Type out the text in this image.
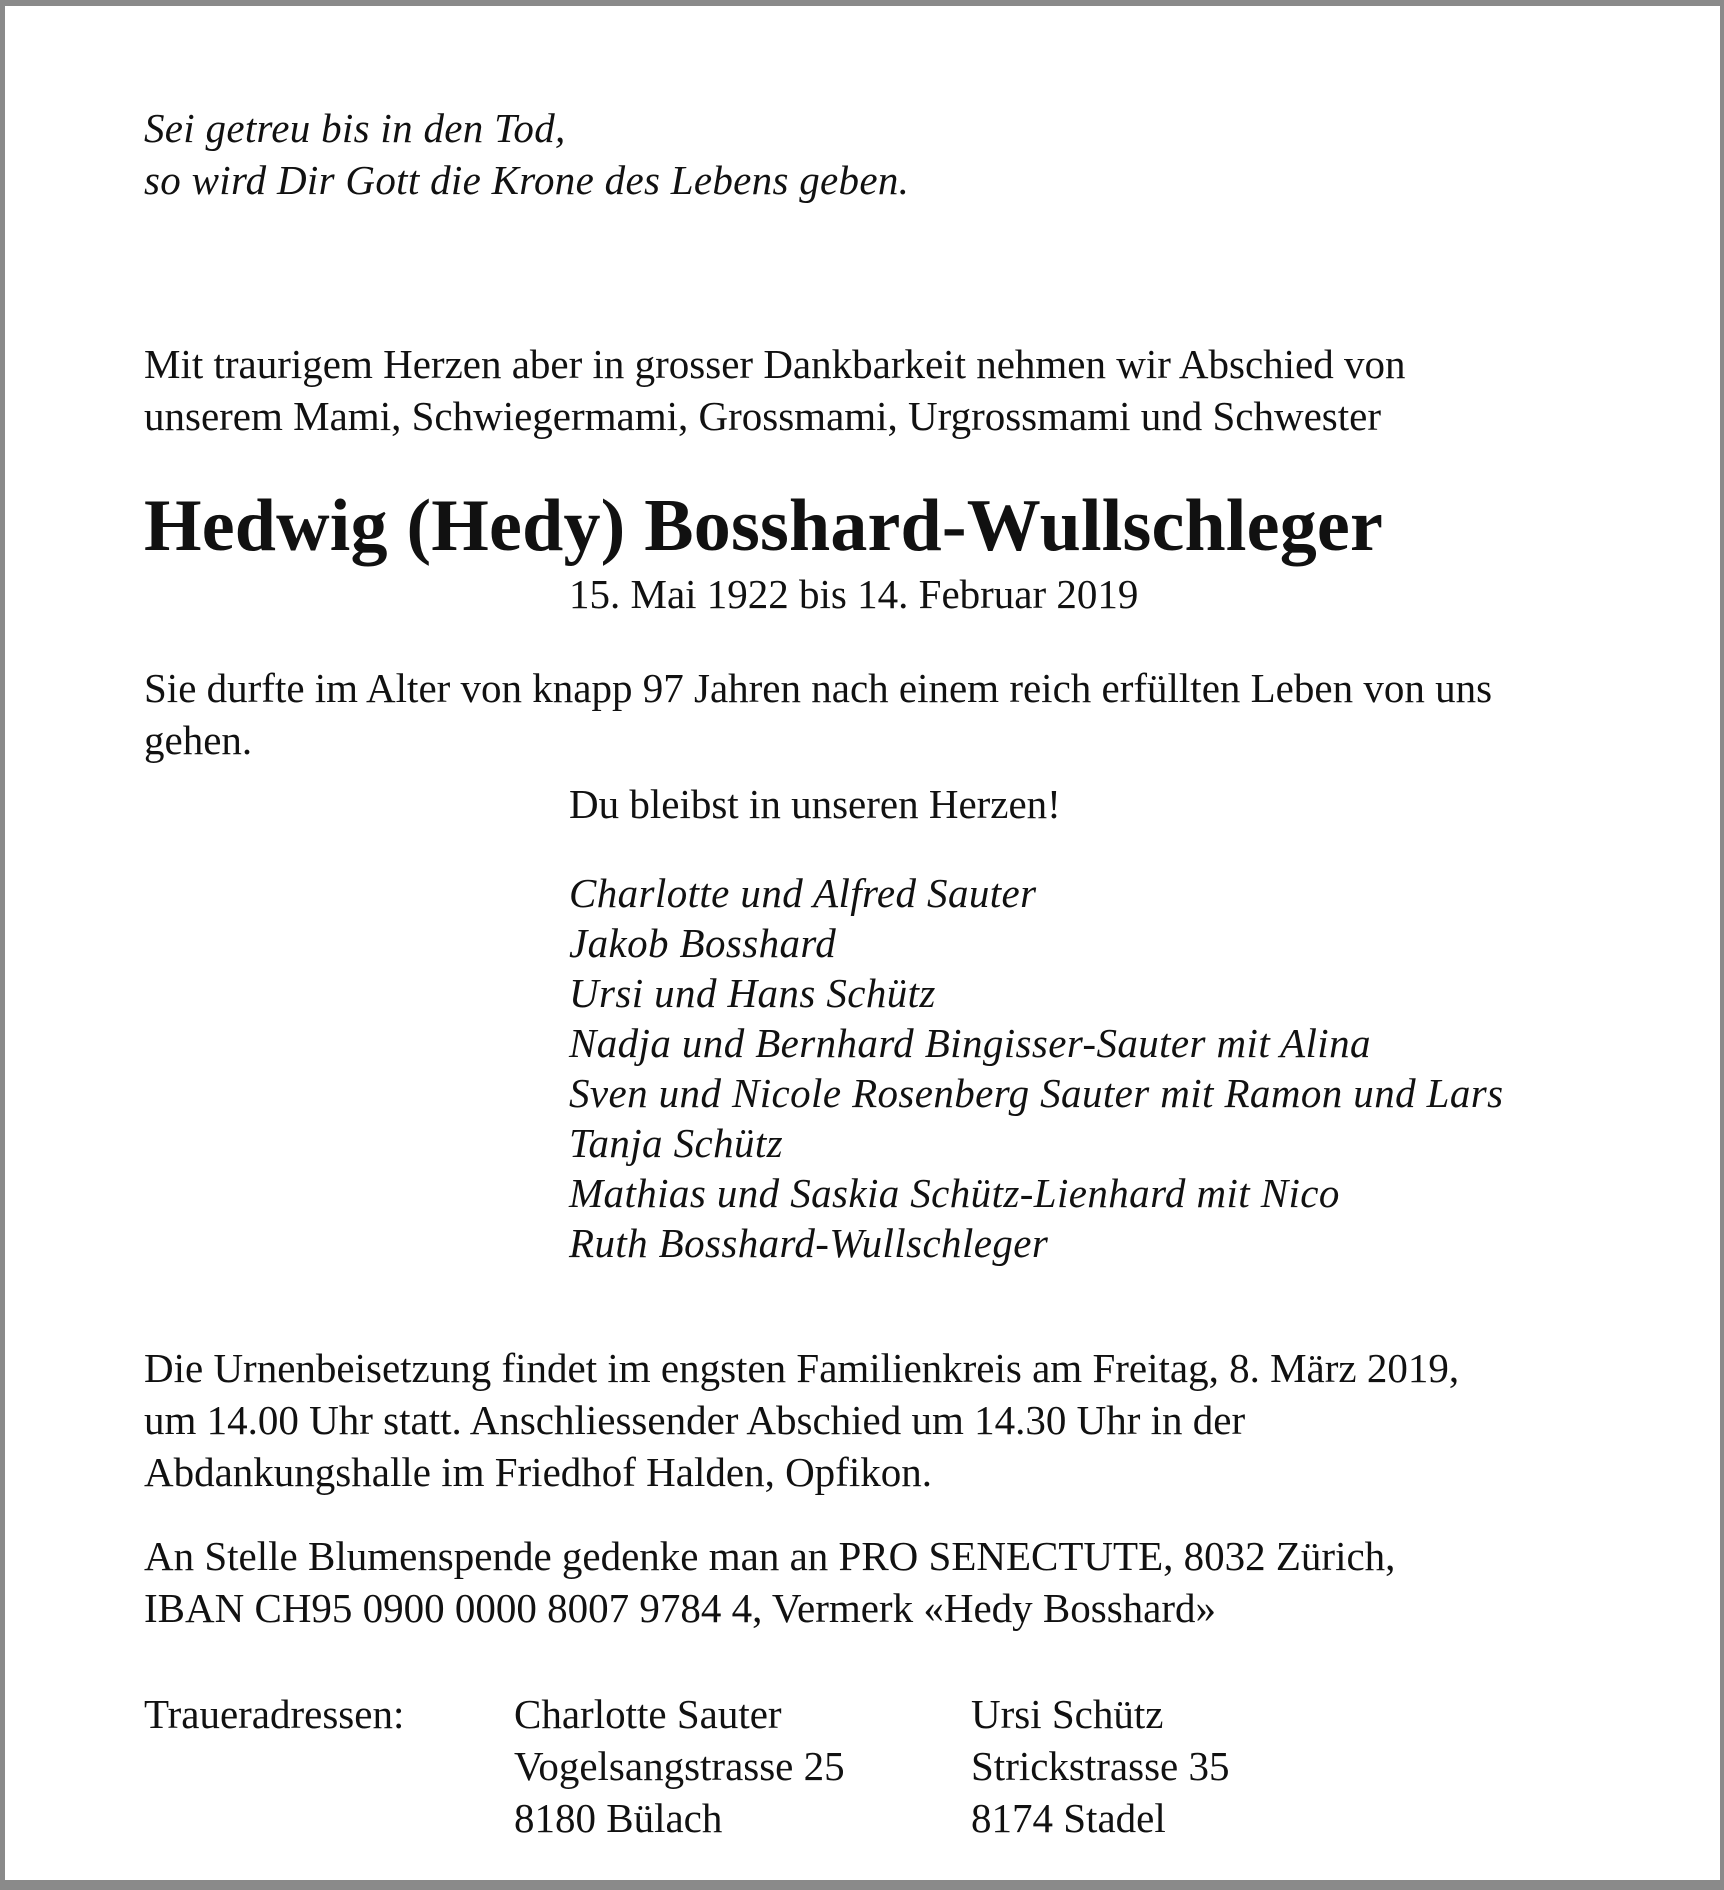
Sei getreu bis in den Tod,
so wird Dir Gott die Krone des Lebens geben.
Mit traurigem Herzen aber in grosser Dankbarkeit nehmen wir Abschied von
unserem Mami, Schwiegermami, Grossmami, Urgrossmami und Schwester
Hedwig (Hedy) Bosshard-Wullschleger
15. Mai 1922 bis 14. Februar 2019
Sie durfte im Alter von knapp 97 Jahren nach einem reich erfüllten Leben von uns
gehen.
Du bleibst in unseren Herzen!
Charlotte und Alfred Sauter
Jakob Bosshard
Ursi und Hans Schütz
Nadja und Bernhard Bingisser-Sauter mit Alina
Sven und Nicole Rosenberg Sauter mit Ramon und Lars
Tanja Schütz
Mathias und Saskia Schütz-Lienhard mit Nico
Ruth Bosshard-Wullschleger
Die Urnenbeisetzung findet im engsten Familienkreis am Freitag, 8. März 2019,
um 14.00 Uhr statt. Anschliessender Abschied um 14.30 Uhr in der
Abdankungshalle im Friedhof Halden, Opfikon.
An Stelle Blumenspende gedenke man an PRO SENECTUTE, 8032 Zürich,
IBAN CH95 0900 0000 8007 9784 4, Vermerk «Hedy Bosshard»
Traueradressen:	Charlotte Sauter
Vogelsangstrasse 25
8180 Bülach
Ursi Schütz
Strickstrasse 35
8174 Stadel
